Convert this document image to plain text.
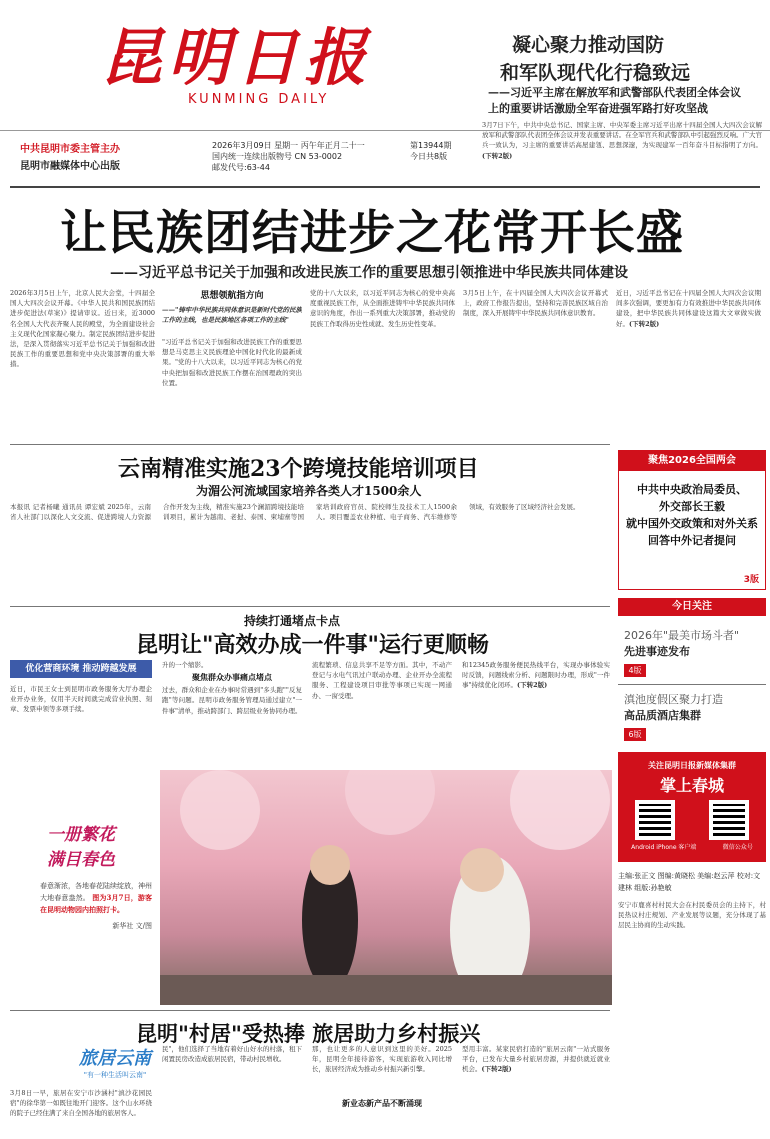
昆明日报
KUNMING DAILY
中共昆明市委主管主办
昆明市融媒体中心出版
2026年3月09日 星期一 丙午年正月二十一
国内统一连续出版物号 CN 53-0002
邮发代号:63-44
第13944期
今日共8版
凝心聚力推动国防
和军队现代化行稳致远
——习近平主席在解放军和武警部队代表团全体会议
上的重要讲话激励全军奋进强军路打好攻坚战
3月7日下午，中共中央总书记、国家主席、中央军委主席习近平出席十四届全国人大四次会议解放军和武警部队代表团全体会议并发表重要讲话。在全军官兵和武警部队中引起强烈反响。广大官兵一致认为，习主席的重要讲话高屋建瓴、思想深邃，为实现建军一百年奋斗目标指明了方向。(下转2版)
让民族团结进步之花常开长盛
——习近平总书记关于加强和改进民族工作的重要思想引领推进中华民族共同体建设
2026年3月5日上午，北京人民大会堂，十四届全国人大四次会议开幕。《中华人民共和国民族团结进步促进法(草案)》提请审议。近日来，近3000名全国人大代表齐聚人民的殿堂，为全面建设社会主义现代化国家凝心聚力。制定民族团结进步促进法，是深入贯彻落实习近平总书记关于加强和改进民族工作的重要思想和党中央决策部署的重大举措。
思想领航指方向
——"铸牢中华民族共同体意识是新时代党的民族工作的主线，也是民族地区各项工作的主线"
"习近平总书记关于加强和改进民族工作的重要思想是马克思主义民族理论中国化时代化的最新成果。"党的十八大以来，以习近平同志为核心的党中央把加强和改进民族工作摆在治国理政的突出位置。
党的十八大以来，以习近平同志为核心的党中央高度重视民族工作，从全面推进铸牢中华民族共同体意识的角度，作出一系列重大决策部署，推动党的民族工作取得历史性成就、发生历史性变革。
3月5日上午，在十四届全国人大四次会议开幕式上，政府工作报告提出，坚持和完善民族区域自治制度，深入开展铸牢中华民族共同体意识教育。
近日，习近平总书记在十四届全国人大四次会议期间多次强调，要更加有力有效推进中华民族共同体建设，把中华民族共同体建设这篇大文章做实做好。(下转2版)
云南精准实施23个跨境技能培训项目
为湄公河流域国家培养各类人才1500余人
本报讯 记者杨曦 通讯员 谭宏斌 2025年，云南省人社部门以深化人文交流、促进跨境人力资源合作开发为主线，精准实施23个澜湄跨境技能培训项目，累计为越南、老挝、泰国、柬埔寨等国家培训政府官员、院校师生及技术工人1500余人。项目覆盖农业种植、电子商务、汽车维修等领域，有效服务了区域经济社会发展。
聚焦2026全国两会
中共中央政治局委员、
外交部长王毅
就中国外交政策和对外关系
回答中外记者提问
3版
今日关注
2026年"最美市场斗者"
先进事迹发布
4版
滇池度假区聚力打造
高品质酒店集群
6版
关注昆明日报新媒体集群
掌上春城
Android iPhone 客户端	微信公众号
主编:张正文 图编:黄晓松 美编:赵云萍 校对:文建林 组版:孙艳敏
安宁市鹿喜村村民大会在村民委员会的主持下，村民热议村庄规划、产业发展等议题，充分体现了基层民主协商的生动实践。
持续打通堵点卡点
昆明让"高效办成一件事"运行更顺畅
优化营商环境 推动跨越发展
近日，市民王女士到昆明市政务服务大厅办理企业开办业务，仅用半天时间就完成营业执照、刻章、发票申领等多项手续。
升的一个缩影。
聚焦群众办事痛点堵点
过去，群众和企业在办事时常遇到"多头跑""反复跑"等问题。昆明市政务服务管理局通过建立"一件事"清单，推动跨部门、跨层级业务协同办理。
流程繁琐、信息共享不足等方面。其中，不动产登记与水电气讯过户联动办理、企业开办全流程服务、工程建设项目审批等事项已实现一网通办、一窗受理。
和12345政务服务便民热线平台，实现办事体验实时反馈，问题线索分析、问题限时办理，形成"一件事"持续优化闭环。(下转2版)
一册繁花
满目春色
春意渐浓，各地春花陆续绽放，神州大地春意盎然。 图为3月7日，游客在昆明动物园内拍照打卡。
新华社 文/图
昆明"村居"受热捧 旅居助力乡村振兴
旅居云南
"有一种生活叫云南"
3月8日一早，旅居在安宁市沙涵村"滇沙花园民宿"的徐华第一如既往地开门迎客。这个山水环绕的院子已经住满了来自全国各地的旅居客人。
民"，他们选择了当地有着好山好水的村落，租下闲置民房改造成旅居民宿，带动村民增收。
那，也让更多的人意识到这里的美好。2025年，昆明全年接待游客，实现旅游收入同比增长，旅居经济成为推动乡村振兴新引擎。
新业态新产品不断涌现
型用丰富。某家民宿打造的"旅居云南"一站式服务平台，已发布大量乡村旅居房源，并提供就近就业机会。(下转2版)
